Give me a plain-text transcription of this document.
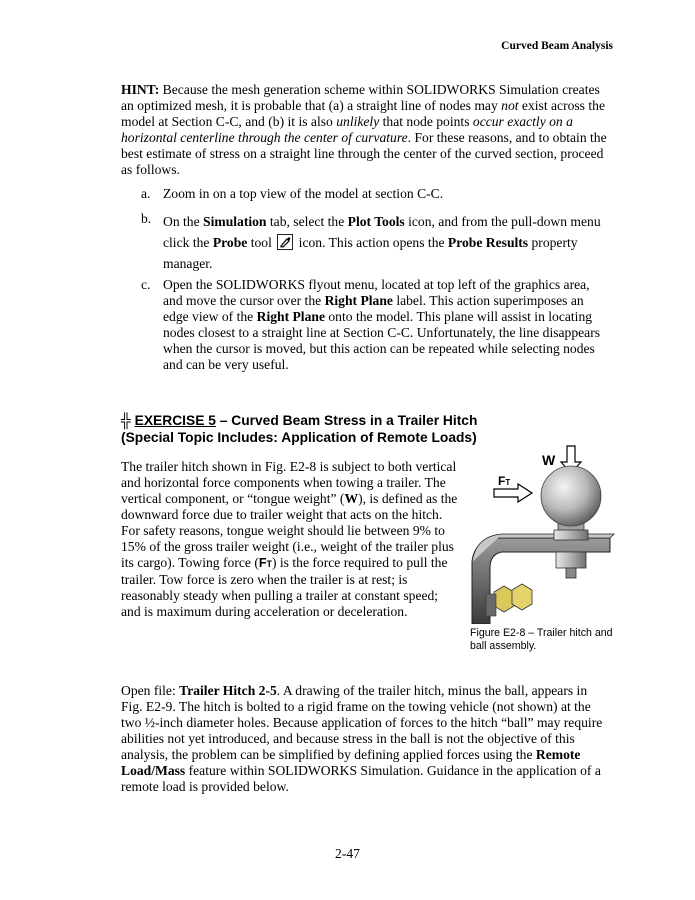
Curved Beam Analysis
HINT: Because the mesh generation scheme within SOLIDWORKS Simulation creates an optimized mesh, it is probable that (a) a straight line of nodes may not exist across the model at Section C-C, and (b) it is also unlikely that node points occur exactly on a horizontal centerline through the center of curvature. For these reasons, and to obtain the best estimate of stress on a straight line through the center of the curved section, proceed as follows.
a. Zoom in on a top view of the model at section C-C.
b. On the Simulation tab, select the Plot Tools icon, and from the pull-down menu click the Probe tool
icon. This action opens the Probe Results property manager.
c. Open the SOLIDWORKS flyout menu, located at top left of the graphics area, and move the cursor over the Right Plane label. This action superimposes an edge view of the Right Plane onto the model. This plane will assist in locating nodes closest to a straight line at Section C-C. Unfortunately, the line disappears when the cursor is moved, but this action can be repeated while selecting nodes and can be very useful.
╬ EXERCISE 5 – Curved Beam Stress in a Trailer Hitch
(Special Topic Includes: Application of Remote Loads)
The trailer hitch shown in Fig. E2-8 is subject to both vertical and horizontal force components when towing a trailer. The vertical component, or “tongue weight” (W), is defined as the downward force due to trailer weight that acts on the hitch. For safety reasons, tongue weight should lie between 9% to 15% of the gross trailer weight (i.e., weight of the trailer plus its cargo). Towing force (FT) is the force required to pull the trailer. Tow force is zero when the trailer is at rest; is reasonably steady when pulling a trailer at constant speed; and is maximum during acceleration or deceleration.
W
FT
Figure E2-8 – Trailer hitch and ball assembly.
Open file: Trailer Hitch 2-5. A drawing of the trailer hitch, minus the ball, appears in Fig. E2-9. The hitch is bolted to a rigid frame on the towing vehicle (not shown) at the two ½-inch diameter holes. Because application of forces to the hitch “ball” may require abilities not yet introduced, and because stress in the ball is not the objective of this analysis, the problem can be simplified by defining applied forces using the Remote Load/Mass feature within SOLIDWORKS Simulation. Guidance in the application of a remote load is provided below.
2-47
